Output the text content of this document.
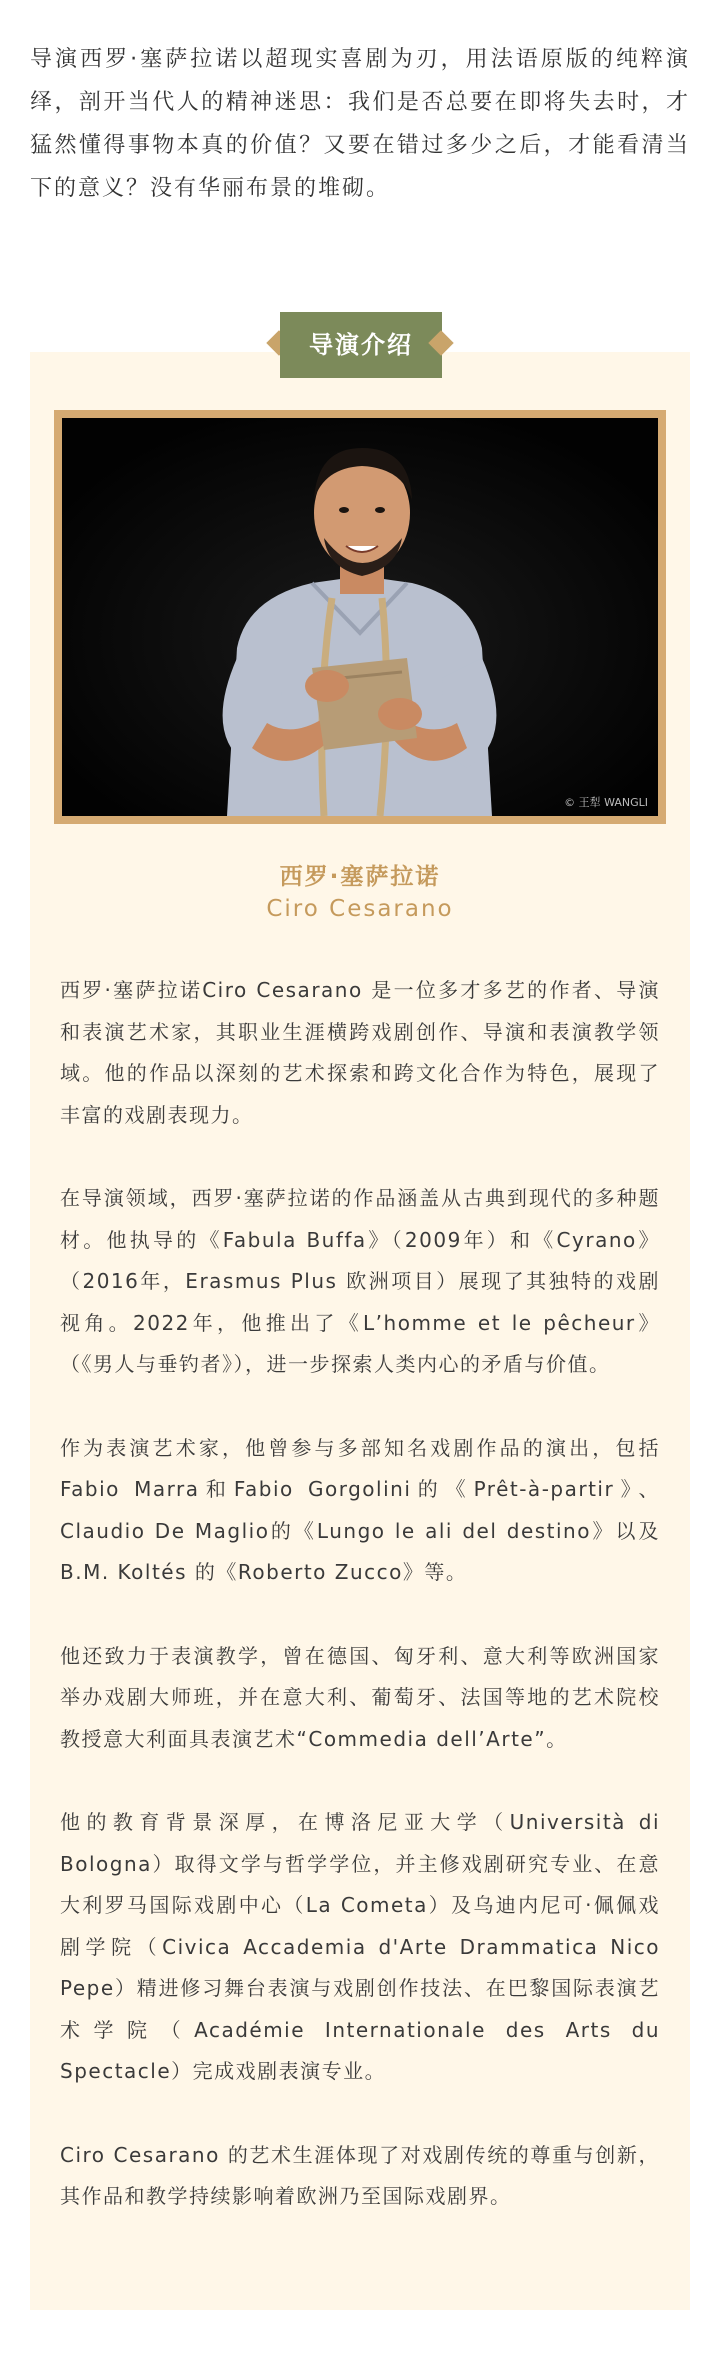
导演西罗·塞萨拉诺以超现实喜剧为刃，用法语原版的纯粹演绎，剖开当代人的精神迷思：我们是否总要在即将失去时，才猛然懂得事物本真的价值？又要在错过多少之后，才能看清当下的意义？没有华丽布景的堆砌。
导演介绍
© 王犁 WANGLI
西罗·塞萨拉诺
Ciro Cesarano

西罗·塞萨拉诺Ciro Cesarano 是一位多才多艺的作者、导演和表演艺术家，其职业生涯横跨戏剧创作、导演和表演教学领域。他的作品以深刻的艺术探索和跨文化合作为特色，展现了丰富的戏剧表现力。

在导演领域，西罗·塞萨拉诺的作品涵盖从古典到现代的多种题材。他执导的《Fabula Buffa》（2009年）和《Cyrano》（2016年，Erasmus Plus 欧洲项目）展现了其独特的戏剧视角。2022年，他推出了《L’homme et le pêcheur》（《男人与垂钓者》），进一步探索人类内心的矛盾与价值。

作为表演艺术家，他曾参与多部知名戏剧作品的演出，包括Fabio Marra和Fabio Gorgolini的《Prêt-à-partir》、Claudio De Maglio的《Lungo le ali del destino》以及B.M. Koltés 的《Roberto Zucco》等。

他还致力于表演教学，曾在德国、匈牙利、意大利等欧洲国家举办戏剧大师班，并在意大利、葡萄牙、法国等地的艺术院校教授意大利面具表演艺术“Commedia dell’Arte”。

他的教育背景深厚，在博洛尼亚大学（Università di Bologna）取得文学与哲学学位，并主修戏剧研究专业、在意大利罗马国际戏剧中心（La Cometa）及乌迪内尼可·佩佩戏剧学院（Civica Accademia d'Arte Drammatica Nico Pepe）精进修习舞台表演与戏剧创作技法、在巴黎国际表演艺术学院（Académie Internationale des Arts du Spectacle）完成戏剧表演专业。

Ciro Cesarano 的艺术生涯体现了对戏剧传统的尊重与创新，其作品和教学持续影响着欧洲乃至国际戏剧界。
